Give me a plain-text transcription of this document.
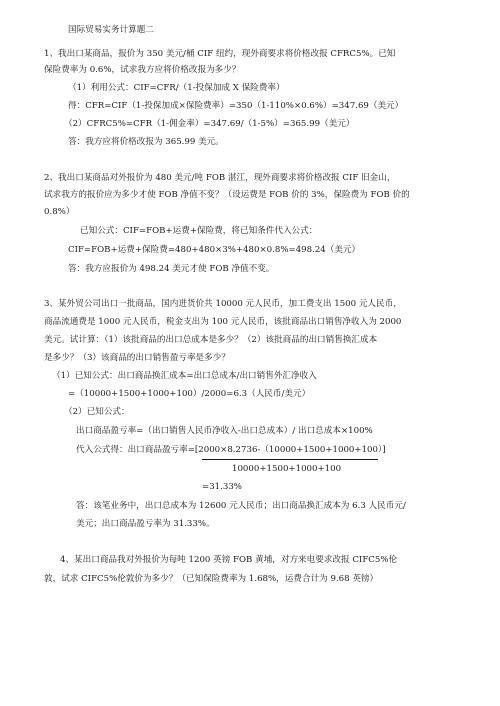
国际贸易实务计算题二
1、我出口某商品，报价为 350 美元/桶 CIF 纽约，现外商要求将价格改报 CFRC5%。已知
保险费率为 0.6%，试求我方应将价格改报为多少？
（1）利用公式：CIF=CFR/（1-投保加成 X 保险费率）
得：CFR=CIF（1-投保加成×保险费率）=350（1-110%×0.6%）=347.69（美元）
（2）CFRC5%=CFR（1-佣金率）=347.69/（1-5%）=365.99（美元）
答：我方应将价格改报为 365.99 美元。
2、我出口某商品对外报价为 480 美元/吨 FOB 湛江，现外商要求将价格改报 CIF 旧金山，
试求我方的报价应为多少才使 FOB 净值不变？（设运费是 FOB 价的 3%，保险费为 FOB 价的
0.8%）
已知公式：CIF=FOB+运费+保险费，将已知条件代入公式：
CIF=FOB+运费+保险费=480+480×3%+480×0.8%=498.24（美元）
答：我方应报价为 498.24 美元才使 FOB 净值不变。
3、某外贸公司出口一批商品，国内进货价共 10000 元人民币，加工费支出 1500 元人民币，
商品流通费是 1000 元人民币，税金支出为 100 元人民币，该批商品出口销售净收入为 2000
美元。试计算：（1）该批商品的出口总成本是多少？（2）该批商品的出口销售换汇成本
是多少？（3）该商品的出口销售盈亏率是多少？
（1）已知公式：出口商品换汇成本=出口总成本/出口销售外汇净收入
=（10000+1500+1000+100）/2000=6.3（人民币/美元）
（2）已知公式：
出口商品盈亏率=（出口销售人民币净收入-出口总成本）/ 出口总成本×100%
代入公式得：出口商品盈亏率=[2000×8.2736-（10000+1500+1000+100）]
10000+1500+1000+100
=31.33%
答：该笔业务中，出口总成本为 12600 元人民币；出口商品换汇成本为 6.3 人民币元/
美元；出口商品盈亏率为 31.33%。
4、某出口商品我对外报价为每吨 1200 英镑 FOB 黄埔，对方来电要求改报 CIFC5%伦
敦，试求 CIFC5%伦敦价为多少？（已知保险费率为 1.68%，运费合计为 9.68 英镑）
